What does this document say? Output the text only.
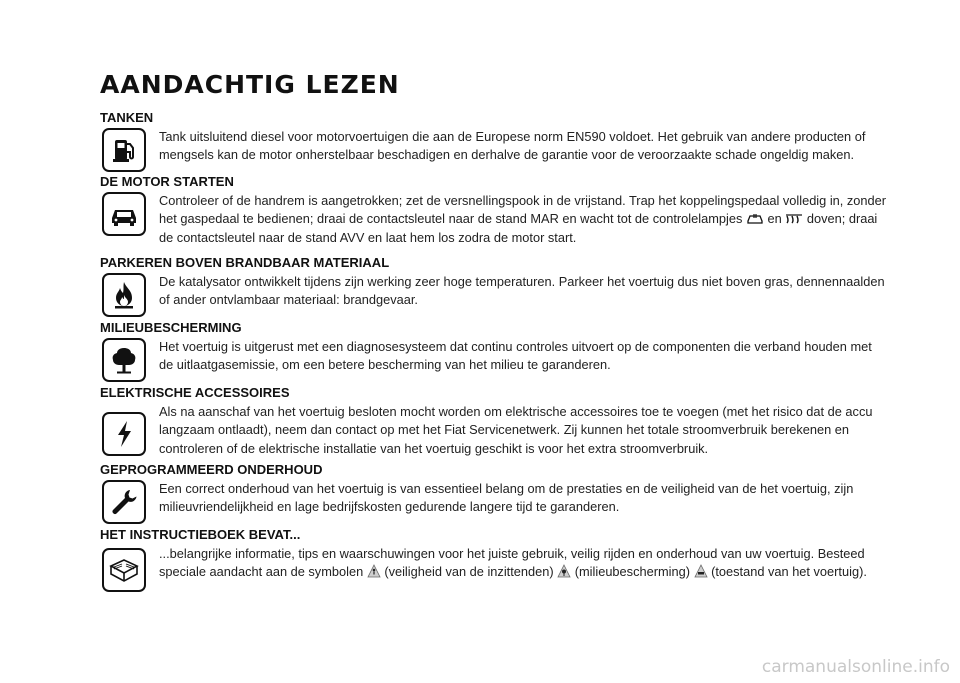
AANDACHTIG LEZEN
TANKEN

Tank uitsluitend diesel voor motorvoertuigen die aan de Europese norm EN590 voldoet. Het gebruik van andere producten of mengsels kan de motor onherstelbaar beschadigen en derhalve de garantie voor de veroorzaakte schade ongeldig maken.

DE MOTOR STARTEN

Controleer of de handrem is aangetrokken; zet de versnellingspook in de vrijstand. Trap het koppelingspedaal volledig in, zonder het gaspedaal te bedienen; draai de contactsleutel naar de stand MAR en wacht tot de controlelampjes en doven; draai de contactsleutel naar de stand AVV en laat hem los zodra de motor start.

PARKEREN BOVEN BRANDBAAR MATERIAAL

De katalysator ontwikkelt tijdens zijn werking zeer hoge temperaturen. Parkeer het voertuig dus niet boven gras, dennennaalden of ander ontvlambaar materiaal: brandgevaar.

MILIEUBESCHERMING

Het voertuig is uitgerust met een diagnosesysteem dat continu controles uitvoert op de componenten die verband houden met de uitlaatgasemissie, om een betere bescherming van het milieu te garanderen.

ELEKTRISCHE ACCESSOIRES

Als na aanschaf van het voertuig besloten mocht worden om elektrische accessoires toe te voegen (met het risico dat de accu langzaam ontlaadt), neem dan contact op met het Fiat Servicenetwerk. Zij kunnen het totale stroomverbruik berekenen en controleren of de elektrische installatie van het voertuig geschikt is voor het extra stroomverbruik.

GEPROGRAMMEERD ONDERHOUD

Een correct onderhoud van het voertuig is van essentieel belang om de prestaties en de veiligheid van de het voertuig, zijn milieuvriendelijkheid en lage bedrijfskosten gedurende langere tijd te garanderen.

HET INSTRUCTIEBOEK BEVAT...

...belangrijke informatie, tips en waarschuwingen voor het juiste gebruik, veilig rijden en onderhoud van uw voertuig. Besteed speciale aandacht aan de symbolen (veiligheid van de inzittenden) (milieubescherming) (toestand van het voertuig).

carmanualsonline.info
